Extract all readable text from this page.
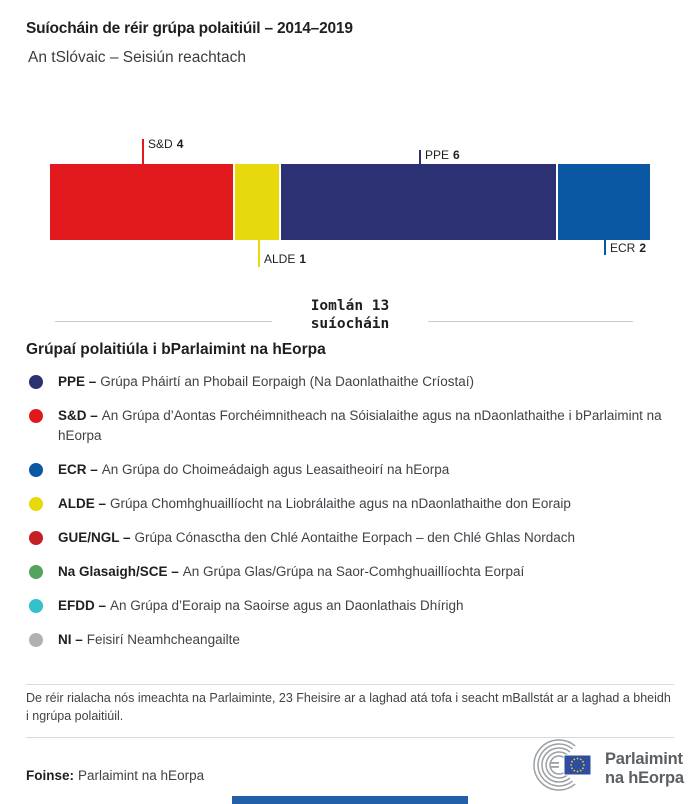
Suíocháin de réir grúpa polaitiúil – 2014–2019
An tSlóvaic – Seisiún reachtach
S&D 4
ALDE 1
PPE 6
ECR 2
Iomlán 13
suíocháin
Grúpaí polaitiúla i bParlaimint na hEorpa
PPE – Grúpa Pháirtí an Phobail Eorpaigh (Na Daonlathaithe Críostaí)
S&D – An Grúpa d’Aontas Forchéimnitheach na Sóisialaithe agus na nDaonlathaithe i bParlaimint na hEorpa
ECR – An Grúpa do Choimeádaigh agus Leasaitheoirí na hEorpa
ALDE – Grúpa Chomhghuaillíocht na Liobrálaithe agus na nDaonlathaithe don Eoraip
GUE/NGL – Grúpa Cónasctha den Chlé Aontaithe Eorpach – den Chlé Ghlas Nordach
Na Glasaigh/SCE – An Grúpa Glas/Grúpa na Saor-Comhghuaillíochta Eorpaí
EFDD – An Grúpa d’Eoraip na Saoirse agus an Daonlathais Dhírigh
NI – Feisirí Neamhcheangailte

De réir rialacha nós imeachta na Parlaiminte, 23 Fheisire ar a laghad atá tofa i seacht mBallstát ar a laghad a bheidh i ngrúpa polaitiúil.

Foinse: Parlaimint na hEorpa
Parlaimint
na hEorpa
